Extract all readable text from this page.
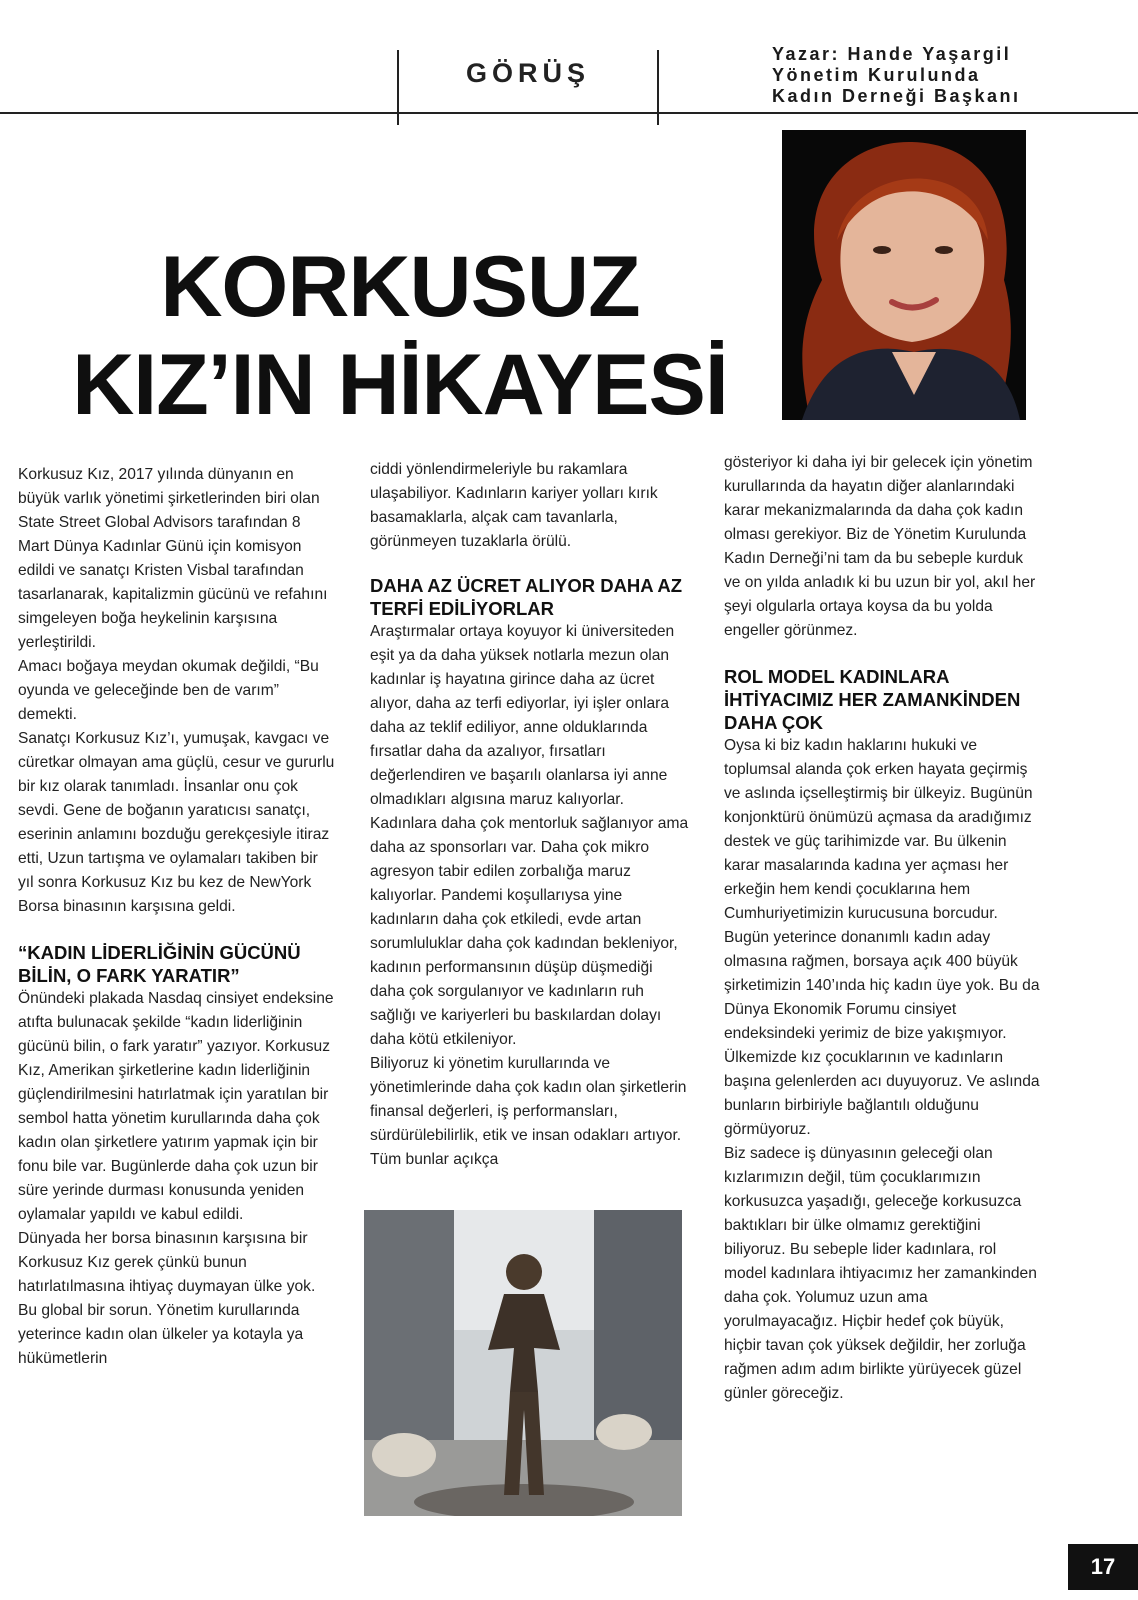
GÖRÜŞ
Yazar: Hande Yaşargil
Yönetim Kurulunda
Kadın Derneği Başkanı
KORKUSUZ
KIZ’IN HİKAYESİ

Korkusuz Kız, 2017 yılında dünyanın en büyük varlık yönetimi şirketlerinden biri olan State Street Global Advisors tarafından 8 Mart Dünya Kadınlar Günü için komisyon edildi ve sanatçı Kristen Visbal tarafından tasarlanarak, kapitalizmin gücünü ve refahını simgeleyen boğa heykelinin karşısına yerleştirildi.

Amacı boğaya meydan okumak değildi, “Bu oyunda ve geleceğinde ben de varım” demekti.

Sanatçı Korkusuz Kız’ı, yumuşak, kavgacı ve cüretkar olmayan ama güçlü, cesur ve gururlu bir kız olarak tanımladı. İnsanlar onu çok sevdi. Gene de boğanın yaratıcısı sanatçı, eserinin anlamını bozduğu gerekçesiyle itiraz etti, Uzun tartışma ve oylamaları takiben bir yıl sonra Korkusuz Kız bu kez de NewYork Borsa binasının karşısına geldi.

“KADIN LİDERLİĞİNİN GÜCÜNÜ BİLİN, O FARK YARATIR”

Önündeki plakada Nasdaq cinsiyet endeksine atıfta bulunacak şekilde “kadın liderliğinin gücünü bilin, o fark yaratır” yazıyor. Korkusuz Kız, Amerikan şirketlerine kadın liderliğinin güçlendirilmesini hatırlatmak için yaratılan bir sembol hatta yönetim kurullarında daha çok kadın olan şirketlere yatırım yapmak için bir fonu bile var. Bugünlerde daha çok uzun bir süre yerinde durması konusunda yeniden oylamalar yapıldı ve kabul edildi.

Dünyada her borsa binasının karşısına bir Korkusuz Kız gerek çünkü bunun hatırlatılmasına ihtiyaç duymayan ülke yok. Bu global bir sorun. Yönetim kurullarında yeterince kadın olan ülkeler ya kotayla ya hükümetlerin

ciddi yönlendirmeleriyle bu rakamlara ulaşabiliyor. Kadınların kariyer yolları kırık basamaklarla, alçak cam tavanlarla, görünmeyen tuzaklarla örülü.

DAHA AZ ÜCRET ALIYOR DAHA AZ TERFİ EDİLİYORLAR

Araştırmalar ortaya koyuyor ki üniversiteden eşit ya da daha yüksek notlarla mezun olan kadınlar iş hayatına girince daha az ücret alıyor, daha az terfi ediyorlar, iyi işler onlara daha az teklif ediliyor, anne olduklarında fırsatlar daha da azalıyor, fırsatları değerlendiren ve başarılı olanlarsa iyi anne olmadıkları algısına maruz kalıyorlar. Kadınlara daha çok mentorluk sağlanıyor ama daha az sponsorları var. Daha çok mikro agresyon tabir edilen zorbalığa maruz kalıyorlar. Pandemi koşullarıysa yine kadınların daha çok etkiledi, evde artan sorumluluklar daha çok kadından bekleniyor, kadının performansının düşüp düşmediği daha çok sorgulanıyor ve kadınların ruh sağlığı ve kariyerleri bu baskılardan dolayı daha kötü etkileniyor.

Biliyoruz ki yönetim kurullarında ve yönetimlerinde daha çok kadın olan şirketlerin finansal değerleri, iş performansları, sürdürülebilirlik, etik ve insan odakları artıyor. Tüm bunlar açıkça

gösteriyor ki daha iyi bir gelecek için yönetim kurullarında da hayatın diğer alanlarındaki karar mekanizmalarında da daha çok kadın olması gerekiyor. Biz de Yönetim Kurulunda Kadın Derneği’ni tam da bu sebeple kurduk ve on yılda anladık ki bu uzun bir yol, akıl her şeyi olgularla ortaya koysa da bu yolda engeller görünmez.

ROL MODEL KADINLARA İHTİYACIMIZ HER ZAMANKİNDEN DAHA ÇOK

Oysa ki biz kadın haklarını hukuki ve toplumsal alanda çok erken hayata geçirmiş ve aslında içselleştirmiş bir ülkeyiz. Bugünün konjonktürü önümüzü açmasa da aradığımız destek ve güç tarihimizde var. Bu ülkenin karar masalarında kadına yer açması her erkeğin hem kendi çocuklarına hem Cumhuriyetimizin kurucusuna borcudur. Bugün yeterince donanımlı kadın aday olmasına rağmen, borsaya açık 400 büyük şirketimizin 140’ında hiç kadın üye yok. Bu da Dünya Ekonomik Forumu cinsiyet endeksindeki yerimiz de bize yakışmıyor. Ülkemizde kız çocuklarının ve kadınların başına gelenlerden acı duyuyoruz. Ve aslında bunların birbiriyle bağlantılı olduğunu görmüyoruz.

Biz sadece iş dünyasının geleceği olan kızlarımızın değil, tüm çocuklarımızın korkusuzca yaşadığı, geleceğe korkusuzca baktıkları bir ülke olmamız gerektiğini biliyoruz. Bu sebeple lider kadınlara, rol model kadınlara ihtiyacımız her zamankinden daha çok. Yolumuz uzun ama yorulmayacağız. Hiçbir hedef çok büyük, hiçbir tavan çok yüksek değildir, her zorluğa rağmen adım adım birlikte yürüyecek güzel günler göreceğiz.

17
